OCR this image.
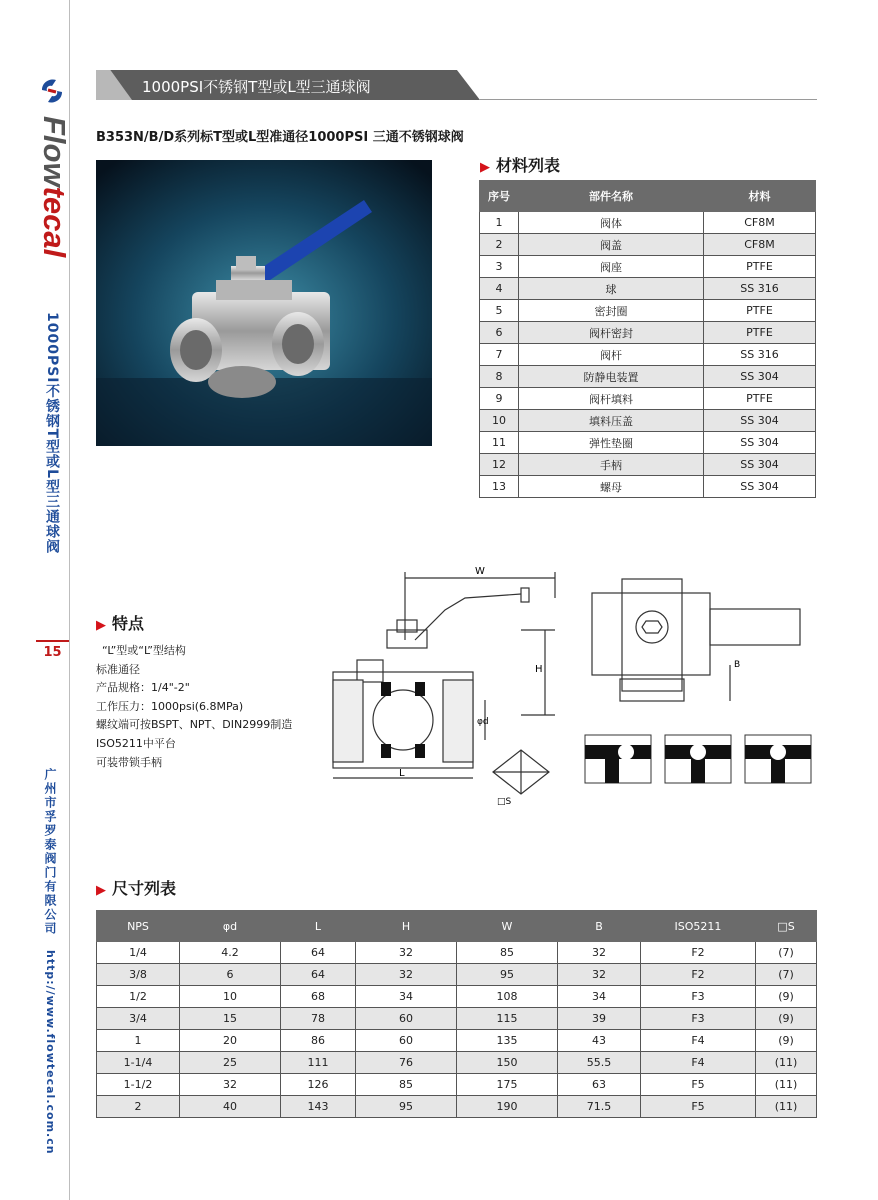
Flowtecal
1000PSI不锈钢T型或L型三通球阀
15
广州市孚罗泰阀门有限公司
http://www.flowtecal.com.cn
1000PSI不锈钢T型或L型三通球阀
B353N/B/D系列标T型或L型准通径1000PSI 三通不锈钢球阀
▶ 材料列表
序号	部件名称	材料
1	阀体	CF8M
2	阀盖	CF8M
3	阀座	PTFE
4	球	SS 316
5	密封圈	PTFE
6	阀杆密封	PTFE
7	阀杆	SS 316
8	防静电装置	SS 304
9	阀杆填料	PTFE
10	填料压盖	SS 304
11	弹性垫圈	SS 304
12	手柄	SS 304
13	螺母	SS 304
▶ 特点
“L”型或“L”型结构
标准通径
产品规格：1/4"-2"
工作压力：1000psi(6.8MPa)
螺纹端可按BSPT、NPT、DIN2999制造
ISO5211中平台
可装带锁手柄
W
H
L
φd
□S
B
▶ 尺寸列表
NPS	φd	L	H	W	B	ISO5211	□S
1/4	4.2	64	32	85	32	F2	(7)
3/8	6	64	32	95	32	F2	(7)
1/2	10	68	34	108	34	F3	(9)
3/4	15	78	60	115	39	F3	(9)
1	20	86	60	135	43	F4	(9)
1-1/4	25	111	76	150	55.5	F4	(11)
1-1/2	32	126	85	175	63	F5	(11)
2	40	143	95	190	71.5	F5	(11)
